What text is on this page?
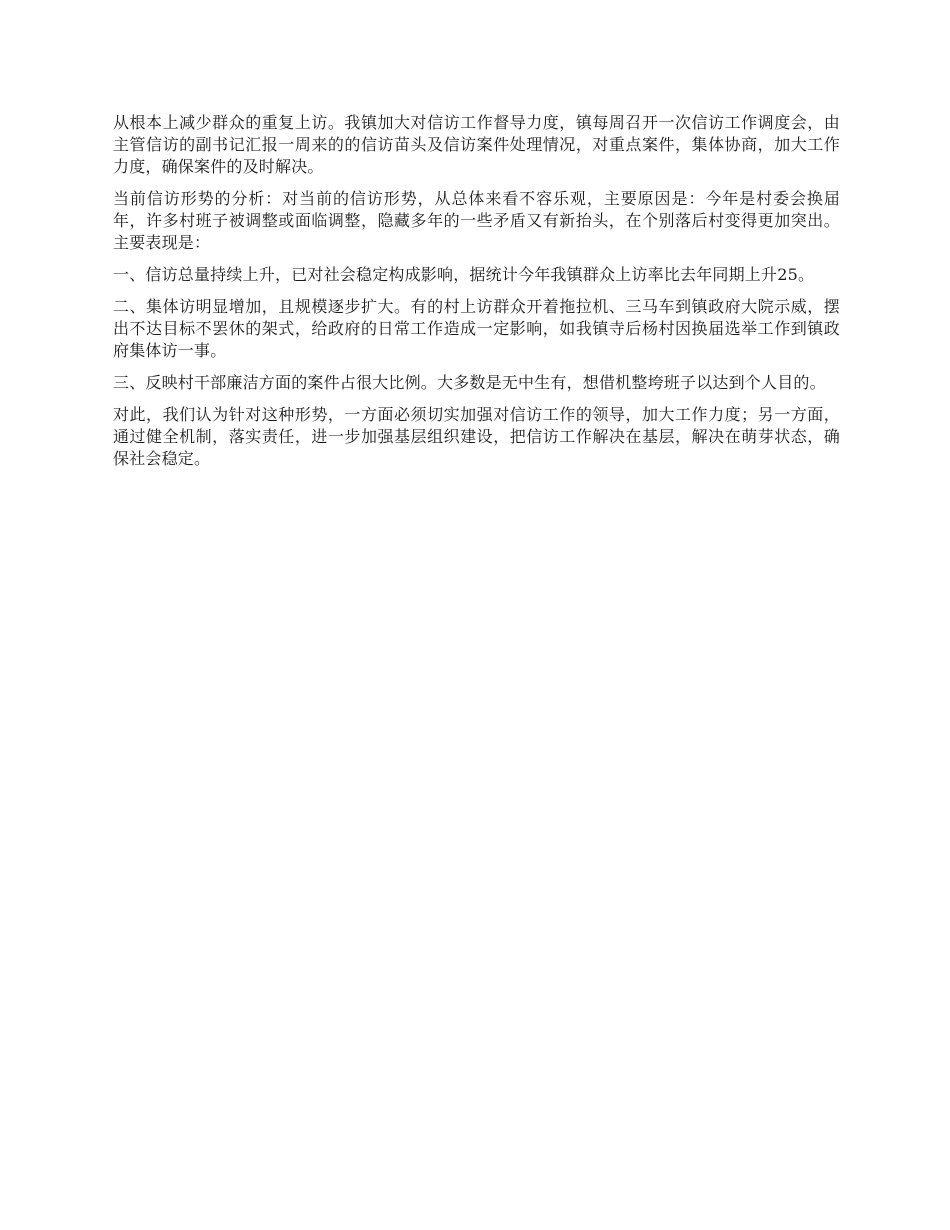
从根本上减少群众的重复上访。我镇加大对信访工作督导力度，镇每周召开一次信访工作调度会，由主管信访的副书记汇报一周来的的信访苗头及信访案件处理情况，对重点案件，集体协商，加大工作力度，确保案件的及时解决。

当前信访形势的分析：对当前的信访形势，从总体来看不容乐观，主要原因是：今年是村委会换届年，许多村班子被调整或面临调整，隐藏多年的一些矛盾又有新抬头，在个别落后村变得更加突出。主要表现是：

一、信访总量持续上升，已对社会稳定构成影响，据统计今年我镇群众上访率比去年同期上升25。

二、集体访明显增加，且规模逐步扩大。有的村上访群众开着拖拉机、三马车到镇政府大院示威，摆出不达目标不罢休的架式，给政府的日常工作造成一定影响，如我镇寺后杨村因换届选举工作到镇政府集体访一事。

三、反映村干部廉洁方面的案件占很大比例。大多数是无中生有，想借机整垮班子以达到个人目的。

对此，我们认为针对这种形势，一方面必须切实加强对信访工作的领导，加大工作力度；另一方面，通过健全机制，落实责任，进一步加强基层组织建设，把信访工作解决在基层，解决在萌芽状态，确保社会稳定。
